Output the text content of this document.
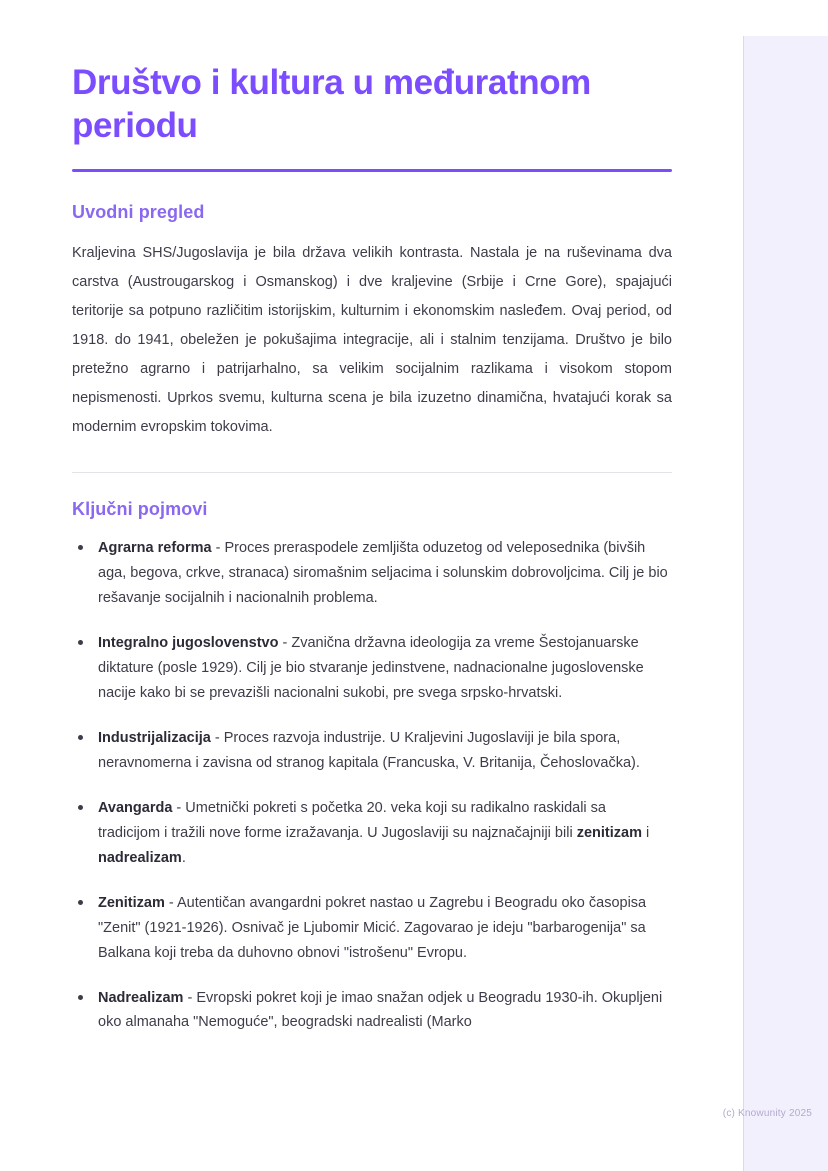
Društvo i kultura u međuratnom periodu
Uvodni pregled

Kraljevina SHS/Jugoslavija je bila država velikih kontrasta. Nastala je na ruševinama dva carstva (Austrougarskog i Osmanskog) i dve kraljevine (Srbije i Crne Gore), spajajući teritorije sa potpuno različitim istorijskim, kulturnim i ekonomskim nasleđem. Ovaj period, od 1918. do 1941, obeležen je pokušajima integracije, ali i stalnim tenzijama. Društvo je bilo pretežno agrarno i patrijarhalno, sa velikim socijalnim razlikama i visokom stopom nepismenosti. Uprkos svemu, kulturna scena je bila izuzetno dinamična, hvatajući korak sa modernim evropskim tokovima.

Ključni pojmovi
Agrarna reforma - Proces preraspodele zemljišta oduzetog od veleposednika (bivših aga, begova, crkve, stranaca) siromašnim seljacima i solunskim dobrovoljcima. Cilj je bio rešavanje socijalnih i nacionalnih problema.
Integralno jugoslovenstvo - Zvanična državna ideologija za vreme Šestojanuarske diktature (posle 1929). Cilj je bio stvaranje jedinstvene, nadnacionalne jugoslovenske nacije kako bi se prevazišli nacionalni sukobi, pre svega srpsko-hrvatski.
Industrijalizacija - Proces razvoja industrije. U Kraljevini Jugoslaviji je bila spora, neravnomerna i zavisna od stranog kapitala (Francuska, V. Britanija, Čehoslovačka).
Avangarda - Umetnički pokreti s početka 20. veka koji su radikalno raskidali sa tradicijom i tražili nove forme izražavanja. U Jugoslaviji su najznačajniji bili zenitizam i nadrealizam.
Zenitizam - Autentičan avangardni pokret nastao u Zagrebu i Beogradu oko časopisa "Zenit" (1921-1926). Osnivač je Ljubomir Micić. Zagovarao je ideju "barbarogenija" sa Balkana koji treba da duhovno obnovi "istrošenu" Evropu.
Nadrealizam - Evropski pokret koji je imao snažan odjek u Beogradu 1930-ih. Okupljeni oko almanaha "Nemoguće", beogradski nadrealisti (Marko
(c) Knowunity 2025
